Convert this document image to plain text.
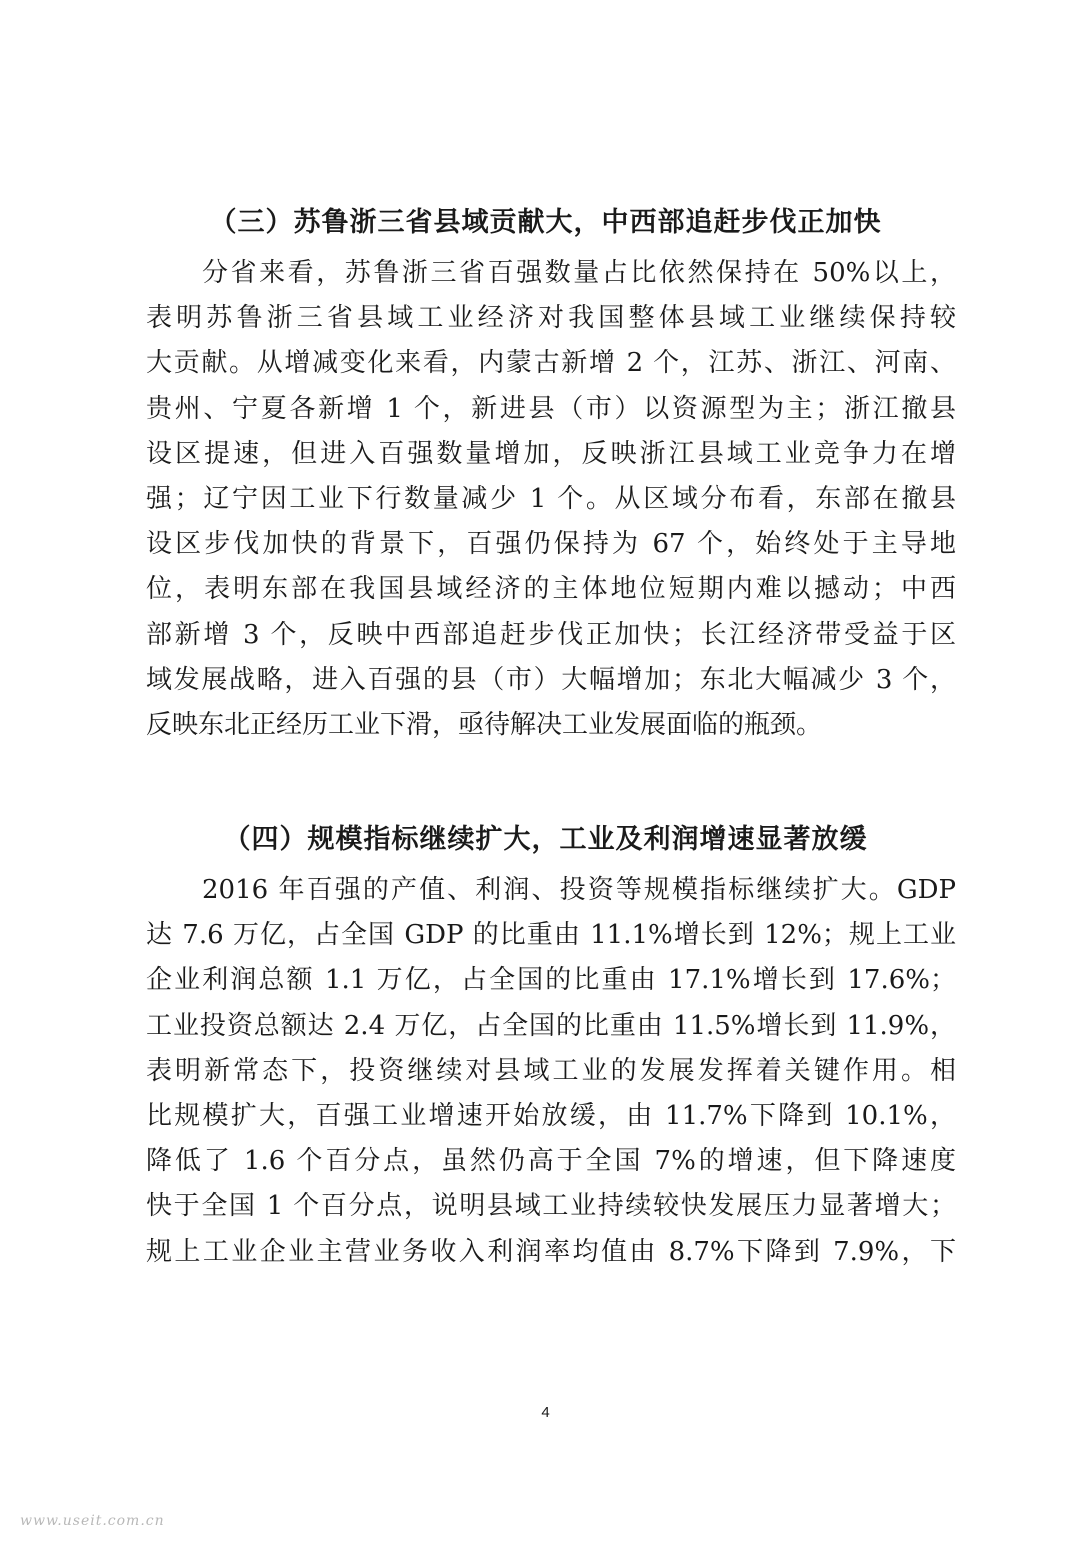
（三）苏鲁浙三省县域贡献大，中西部追赶步伐正加快
分省来看，苏鲁浙三省百强数量占比依然保持在 50%以上，
表明苏鲁浙三省县域工业经济对我国整体县域工业继续保持较
大贡献。从增减变化来看，内蒙古新增 2 个，江苏、浙江、河南、
贵州、宁夏各新增 1 个，新进县（市）以资源型为主；浙江撤县
设区提速，但进入百强数量增加，反映浙江县域工业竞争力在增
强；辽宁因工业下行数量减少 1 个。从区域分布看，东部在撤县
设区步伐加快的背景下，百强仍保持为 67 个，始终处于主导地
位，表明东部在我国县域经济的主体地位短期内难以撼动；中西
部新增 3 个，反映中西部追赶步伐正加快；长江经济带受益于区
域发展战略，进入百强的县（市）大幅增加；东北大幅减少 3 个，
反映东北正经历工业下滑，亟待解决工业发展面临的瓶颈。
（四）规模指标继续扩大，工业及利润增速显著放缓
2016 年百强的产值、利润、投资等规模指标继续扩大。GDP
达 7.6 万亿，占全国 GDP 的比重由 11.1%增长到 12%；规上工业
企业利润总额 1.1 万亿，占全国的比重由 17.1%增长到 17.6%；
工业投资总额达 2.4 万亿，占全国的比重由 11.5%增长到 11.9%，
表明新常态下，投资继续对县域工业的发展发挥着关键作用。相
比规模扩大，百强工业增速开始放缓，由 11.7%下降到 10.1%，
降低了 1.6 个百分点，虽然仍高于全国 7%的增速，但下降速度
快于全国 1 个百分点，说明县域工业持续较快发展压力显著增大；
规上工业企业主营业务收入利润率均值由 8.7%下降到 7.9%，下
4
www.useit.com.cn
